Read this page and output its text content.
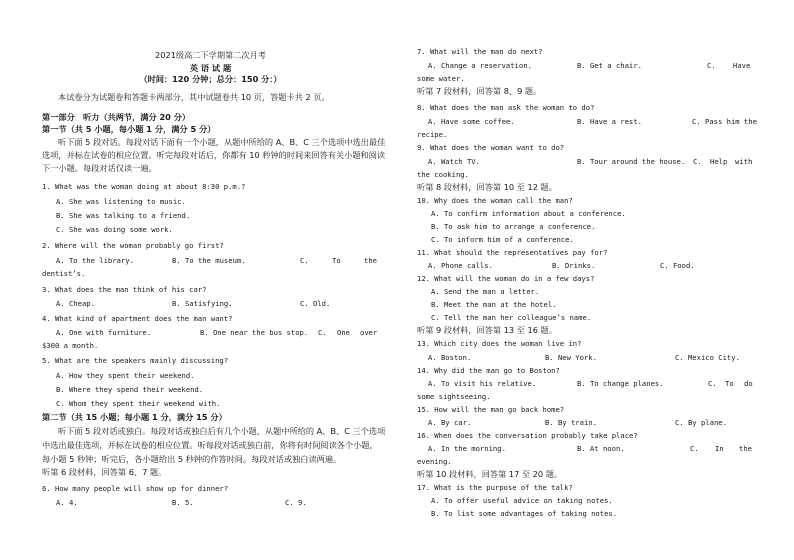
2021级高二下学期第二次月考
英 语 试 题
（时间：120 分钟；总分：150 分：）
本试卷分为试题卷和答题卡两部分，其中试题卷共 10 页，答题卡共 2 页。
第一部分　听力（共两节，满分 20 分）
第一节（共 5 小题，每小题 1 分，满分 5 分）
听下面 5 段对话。每段对话下面有一个小题，从题中所给的 A、B、C 三个选项中选出最佳
选项，并标在试卷的相应位置。听完每段对话后，你都有 10 秒钟的时间来回答有关小题和阅读
下一小题。每段对话仅读一遍。
1. What was the woman doing at about 8:30 p.m.?
A. She was listening to music.
B. She was talking to a friend.
C. She was doing some work.
2. Where will the woman probably go first?
A. To the library.	B. To the museum.	C.	To	the
dentist’s.
3. What does the man think of his car?
A. Cheap.	B. Satisfying.	C. Old.
4. What kind of apartment does the man want?
A. One with furniture.	B. One near the bus stop. C. One over
$300 a month.
5. What are the speakers mainly discussing?
A. How they spent their weekend.
B. Where they spend their weekend.
C. Whom they spent their weekend with.
第二节（共 15 小题；每小题 1 分，满分 15 分）
听下面 5 段对话或独白。每段对话或独白后有几个小题，从题中所给的 A、B、C 三个选项
中选出最佳选项，并标在试卷的相应位置。听每段对话或独白前，你将有时间阅读各个小题，
每小题 5 秒钟；听完后，各小题给出 5 秒钟的作答时间。每段对话或独白读两遍。
听第 6 段材料，回答第 6、7 题。
6. How many people will show up for dinner?
A. 4.	B. 5.	C. 9.
7. What will the man do next?
A. Change a reservation.	B. Get a chair.	C. Have
some water.
听第 7 段材料，回答第 8、9 题。
8. What does the man ask the woman to do?
A. Have some coffee.	B. Have a rest.	C. Pass him the
recipe.
9. What does the woman want to do?
A. Watch TV.	B. Tour around the house. C. Help with
the cooking.
听第 8 段材料，回答第 10 至 12 题。
10. Why does the woman call the man?
A. To confirm information about a conference.
B. To ask him to arrange a conference.
C. To inform him of a conference.
11. What should the representatives pay for?
A. Phone calls.	B. Drinks.	C. Food.
12. What will the woman do in a few days?
A. Send the man a letter.
B. Meet the man at the hotel.
C. Tell the man her colleague’s name.
听第 9 段材料，回答第 13 至 16 题。
13. Which city does the woman live in?
A. Boston.	B. New York.	C. Mexico City.
14. Why did the man go to Boston?
A. To visit his relative.	B. To change planes.	C. To do
some sightseeing.
15. How will the man go back home?
A. By car.	B. By train.	C. By plane.
16. When does the conversation probably take place?
A. In the morning.	B. At noon.	C. In the
evening.
听第 10 段材料，回答第 17 至 20 题。
17. What is the purpose of the talk?
A. To offer useful advice on taking notes.
B. To list some advantages of taking notes.
